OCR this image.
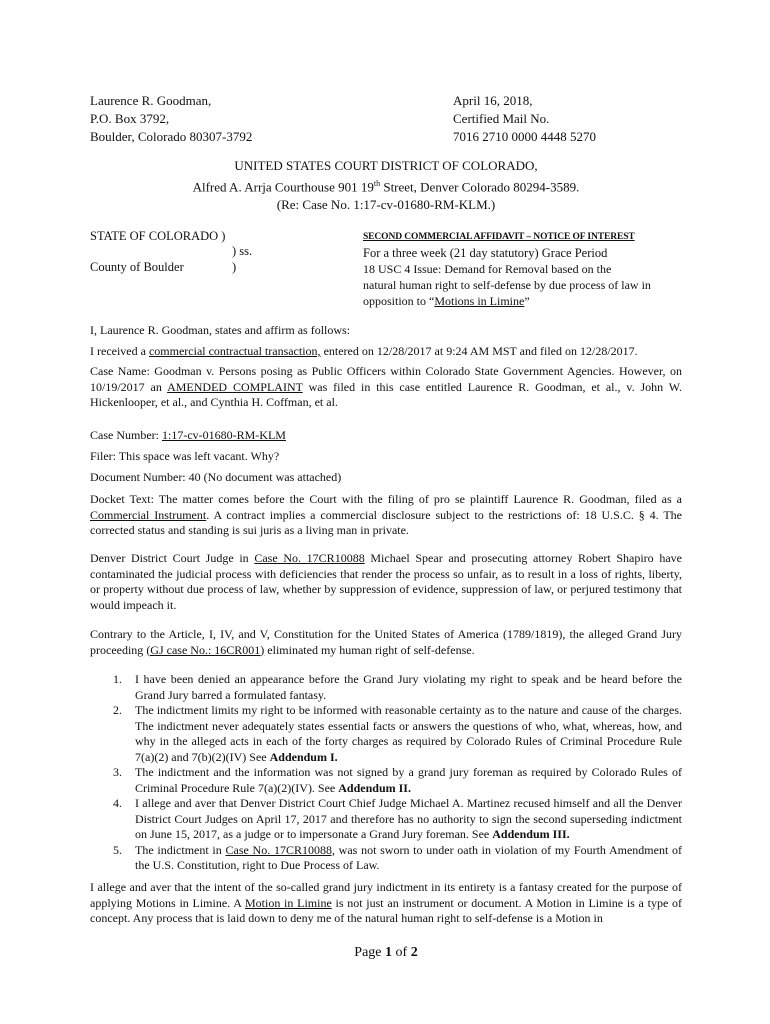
Laurence R. Goodman,
P.O. Box 3792,
Boulder, Colorado 80307-3792
April 16, 2018,
Certified Mail No.
7016 2710 0000 4448 5270
UNITED STATES COURT DISTRICT OF COLORADO,
Alfred A. Arrja Courthouse 901 19th Street, Denver Colorado 80294-3589.
(Re: Case No. 1:17-cv-01680-RM-KLM.)
STATE OF COLORADO )
) ss.
County of Boulder	)
SECOND COMMERCIAL AFFIDAVIT – NOTICE OF INTEREST
For a three week (21 day statutory) Grace Period
18 USC 4 Issue: Demand for Removal based on the
natural human right to self-defense by due process of law in
opposition to “Motions in Limine”

I, Laurence R. Goodman, states and affirm as follows:

I received a commercial contractual transaction, entered on 12/28/2017 at 9:24 AM MST and filed on 12/28/2017.

Case Name: Goodman v. Persons posing as Public Officers within Colorado State Government Agencies. However, on 10/19/2017 an AMENDED COMPLAINT was filed in this case entitled Laurence R. Goodman, et al., v. John W. Hickenlooper, et al., and Cynthia H. Coffman, et al.

Case Number: 1:17-cv-01680-RM-KLM

Filer: This space was left vacant. Why?

Document Number: 40 (No document was attached)

Docket Text: The matter comes before the Court with the filing of pro se plaintiff Laurence R. Goodman, filed as a Commercial Instrument. A contract implies a commercial disclosure subject to the restrictions of: 18 U.S.C. § 4. The corrected status and standing is sui juris as a living man in private.

Denver District Court Judge in Case No. 17CR10088 Michael Spear and prosecuting attorney Robert Shapiro have contaminated the judicial process with deficiencies that render the process so unfair, as to result in a loss of rights, liberty, or property without due process of law, whether by suppression of evidence, suppression of law, or perjured testimony that would impeach it.

Contrary to the Article, I, IV, and V, Constitution for the United States of America (1789/1819), the alleged Grand Jury proceeding (GJ case No.: 16CR001) eliminated my human right of self-defense.

1. I have been denied an appearance before the Grand Jury violating my right to speak and be heard before the Grand Jury barred a formulated fantasy.
2. The indictment limits my right to be informed with reasonable certainty as to the nature and cause of the charges. The indictment never adequately states essential facts or answers the questions of who, what, whereas, how, and why in the alleged acts in each of the forty charges as required by Colorado Rules of Criminal Procedure Rule 7(a)(2) and 7(b)(2)(IV) See Addendum I.
3. The indictment and the information was not signed by a grand jury foreman as required by Colorado Rules of Criminal Procedure Rule 7(a)(2)(IV). See Addendum II.
4. I allege and aver that Denver District Court Chief Judge Michael A. Martinez recused himself and all the Denver District Court Judges on April 17, 2017 and therefore has no authority to sign the second superseding indictment on June 15, 2017, as a judge or to impersonate a Grand Jury foreman. See Addendum III.
5. The indictment in Case No. 17CR10088, was not sworn to under oath in violation of my Fourth Amendment of the U.S. Constitution, right to Due Process of Law.

I allege and aver that the intent of the so-called grand jury indictment in its entirety is a fantasy created for the purpose of applying Motions in Limine. A Motion in Limine is not just an instrument or document. A Motion in Limine is a type of concept. Any process that is laid down to deny me of the natural human right to self-defense is a Motion in

Page 1 of 2
